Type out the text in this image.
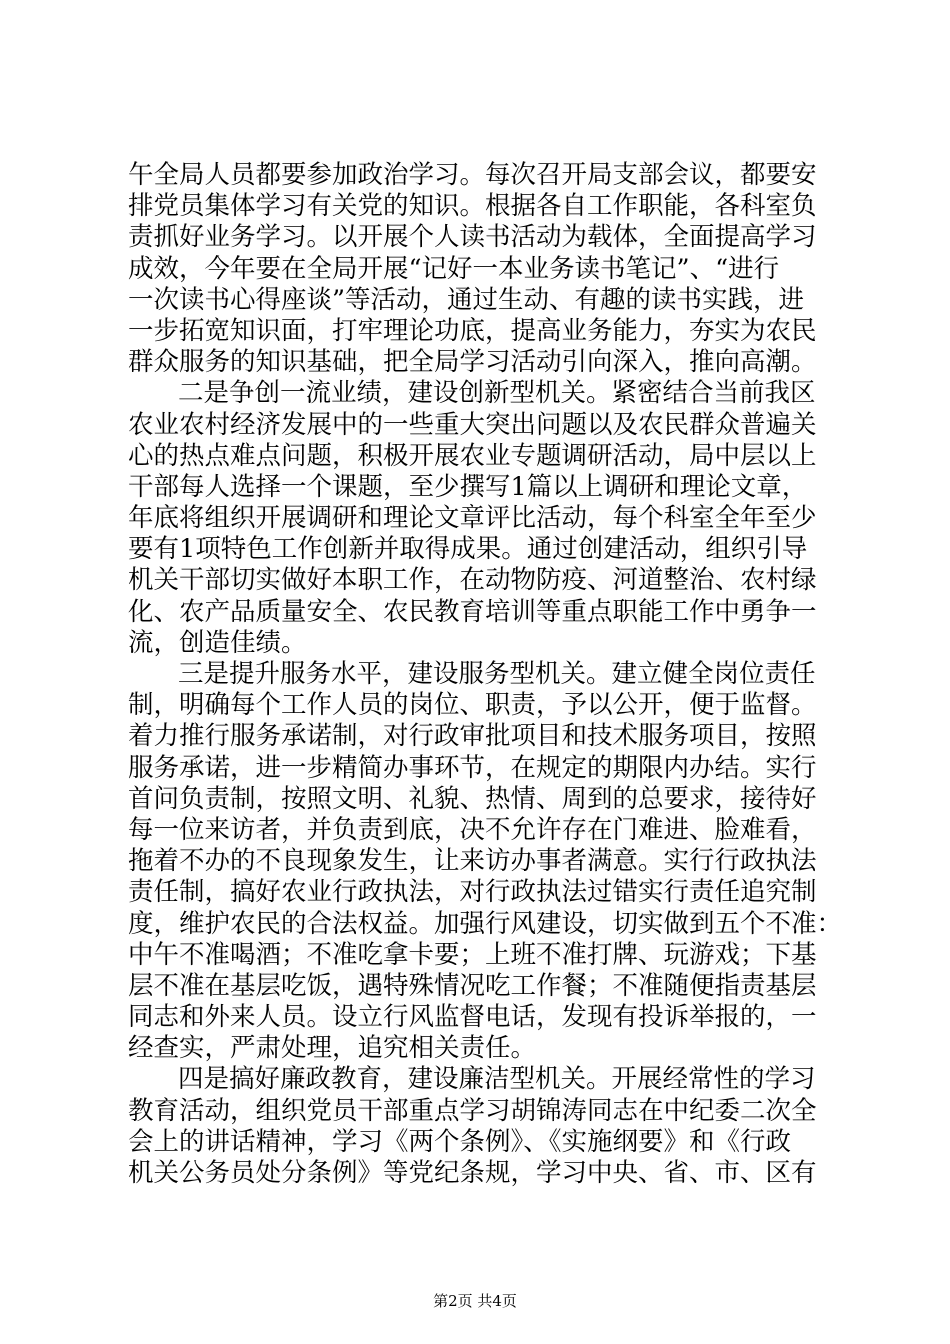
午全局人员都要参加政治学习。每次召开局支部会议，都要安
排党员集体学习有关党的知识。根据各自工作职能，各科室负
责抓好业务学习。以开展个人读书活动为载体，全面提高学习
成效，今年要在全局开展“记好一本业务读书笔记”、“进行
一次读书心得座谈”等活动，通过生动、有趣的读书实践，进
一步拓宽知识面，打牢理论功底，提高业务能力，夯实为农民
群众服务的知识基础，把全局学习活动引向深入，推向高潮。
二是争创一流业绩，建设创新型机关。紧密结合当前我区
农业农村经济发展中的一些重大突出问题以及农民群众普遍关
心的热点难点问题，积极开展农业专题调研活动，局中层以上
干部每人选择一个课题，至少撰写1篇以上调研和理论文章，
年底将组织开展调研和理论文章评比活动，每个科室全年至少
要有1项特色工作创新并取得成果。通过创建活动，组织引导
机关干部切实做好本职工作，在动物防疫、河道整治、农村绿
化、农产品质量安全、农民教育培训等重点职能工作中勇争一
流，创造佳绩。
三是提升服务水平，建设服务型机关。建立健全岗位责任
制，明确每个工作人员的岗位、职责，予以公开，便于监督。
着力推行服务承诺制，对行政审批项目和技术服务项目，按照
服务承诺，进一步精简办事环节，在规定的期限内办结。实行
首问负责制，按照文明、礼貌、热情、周到的总要求，接待好
每一位来访者，并负责到底，决不允许存在门难进、脸难看，
拖着不办的不良现象发生，让来访办事者满意。实行行政执法
责任制，搞好农业行政执法，对行政执法过错实行责任追究制
度，维护农民的合法权益。加强行风建设，切实做到五个不准：
中午不准喝酒；不准吃拿卡要；上班不准打牌、玩游戏；下基
层不准在基层吃饭，遇特殊情况吃工作餐；不准随便指责基层
同志和外来人员。设立行风监督电话，发现有投诉举报的，一
经查实，严肃处理，追究相关责任。
四是搞好廉政教育，建设廉洁型机关。开展经常性的学习
教育活动，组织党员干部重点学习胡锦涛同志在中纪委二次全
会上的讲话精神，学习《两个条例》、《实施纲要》和《行政
机关公务员处分条例》等党纪条规，学习中央、省、市、区有
第2页 共4页
